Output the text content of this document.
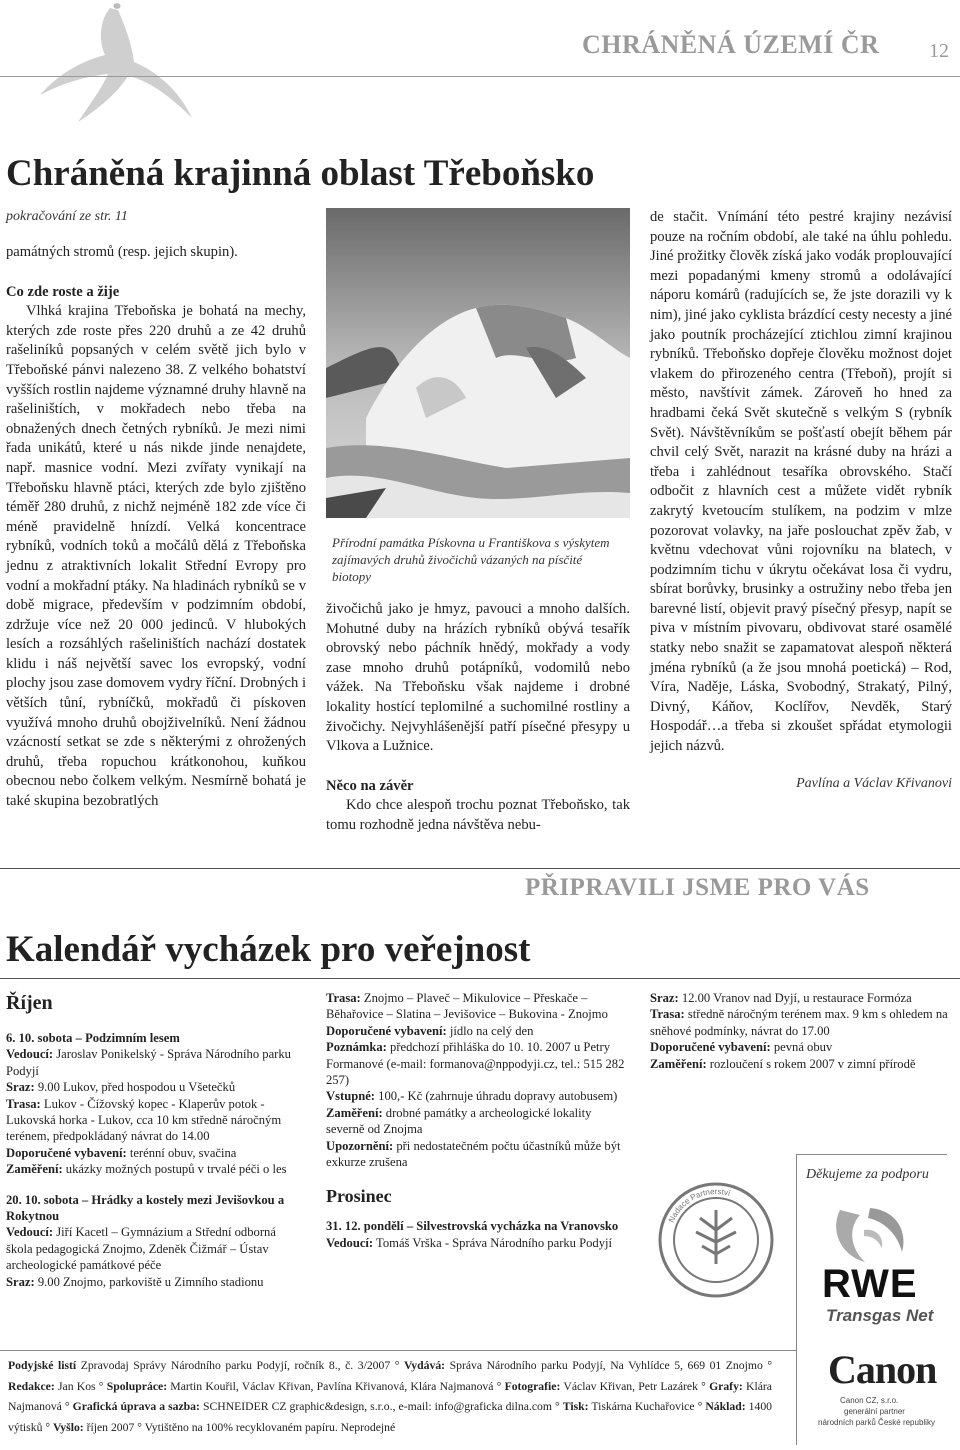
CHRÁNĚNÁ ÚZEMÍ ČR 12
Chráněná krajinná oblast Třeboňsko

pokračování ze str. 11

památných stromů (resp. jejich skupin).

Co zde roste a žije

Vlhká krajina Třeboňska je bohatá na mechy, kterých zde roste přes 220 druhů a ze 42 druhů rašeliníků popsaných v celém světě jich bylo v Třeboňské pánvi nalezeno 38. Z velkého bohatství vyšších rostlin najdeme významné druhy hlavně na rašeliništích, v mokřadech nebo třeba na obnažených dnech četných rybníků. Je mezi nimi řada unikátů, které u nás nikde jinde nenajdete, např. masnice vodní. Mezi zvířaty vynikají na Třeboňsku hlavně ptáci, kterých zde bylo zjištěno téměř 280 druhů, z nichž nejméně 182 zde více či méně pravidelně hnízdí. Velká koncentrace rybníků, vodních toků a močálů dělá z Třeboňska jednu z atraktivních lokalit Střední Evropy pro vodní a mokřadní ptáky. Na hladinách rybníků se v době migrace, především v podzimním období, zdržuje více než 20 000 jedinců. V hlubokých lesích a rozsáhlých rašeliništích nachází dostatek klidu i náš největší savec los evropský, vodní plochy jsou zase domovem vydry říční. Drobných i větších tůní, rybníčků, mokřadů či pískoven využívá mnoho druhů obojživelníků. Není žádnou vzácností setkat se zde s některými z ohrožených druhů, třeba ropuchou krátkonohou, kuňkou obecnou nebo čolkem velkým. Nesmírně bohatá je také skupina bezobratlých

Přírodní památka Pískovna u Františkova s výskytem zajímavých druhů živočichů vázaných na písčité biotopy

živočichů jako je hmyz, pavouci a mnoho dalších. Mohutné duby na hrázích rybníků obývá tesařík obrovský nebo páchník hnědý, mokřady a vody zase mnoho druhů potápníků, vodomilů nebo vážek. Na Třeboňsku však najdeme i drobné lokality hostící teplomilné a suchomilné rostliny a živočichy. Nejvyhlášenější patří písečné přesypy u Vlkova a Lužnice.

Něco na závěr

Kdo chce alespoň trochu poznat Třeboňsko, tak tomu rozhodně jedna návštěva nebu-

de stačit. Vnímání této pestré krajiny nezávisí pouze na ročním období, ale také na úhlu pohledu. Jiné prožitky člověk získá jako vodák proplouvající mezi popadanými kmeny stromů a odolávající náporu komárů (radujících se, že jste dorazili vy k nim), jiné jako cyklista brázdící cesty necesty a jiné jako poutník procházející ztichlou zimní krajinou rybníků. Třeboňsko dopřeje člověku možnost dojet vlakem do přirozeného centra (Třeboň), projít si město, navštívit zámek. Zároveň ho hned za hradbami čeká Svět skutečně s velkým S (rybník Svět). Návštěvníkům se pošťastí obejít během pár chvil celý Svět, narazit na krásné duby na hrázi a třeba i zahlédnout tesaříka obrovského. Stačí odbočit z hlavních cest a můžete vidět rybník zakrytý kvetoucím stulíkem, na podzim v mlze pozorovat volavky, na jaře poslouchat zpěv žab, v květnu vdechovat vůni rojovníku na blatech, v podzimním tichu v úkrytu očekávat losa či vydru, sbírat borůvky, brusinky a ostružiny nebo třeba jen barevné listí, objevit pravý písečný přesyp, napít se piva v místním pivovaru, obdivovat staré osamělé statky nebo snažit se zapamatovat alespoň některá jména rybníků (a že jsou mnohá poetická) – Rod, Víra, Naděje, Láska, Svobodný, Strakatý, Pilný, Divný, Káňov, Koclířov, Nevděk, Starý Hospodář…a třeba si zkoušet spřádat etymologii jejich názvů.

Pavlína a Václav Křivanovi

PŘIPRAVILI JSME PRO VÁS
Kalendář vycházek pro veřejnost

Říjen

6. 10. sobota – Podzimním lesem

Vedoucí: Jaroslav Ponikelský - Správa Národního parku Podyjí

Sraz: 9.00 Lukov, před hospodou u Všetečků

Trasa: Lukov - Čížovský kopec - Klaperův potok - Lukovská horka - Lukov, cca 10 km středně náročným terénem, předpokládaný návrat do 14.00

Doporučené vybavení: terénní obuv, svačina

Zaměření: ukázky možných postupů v trvalé péči o les

20. 10. sobota – Hrádky a kostely mezi Jevišovkou a Rokytnou

Vedoucí: Jiří Kacetl – Gymnázium a Střední odborná škola pedagogická Znojmo, Zdeněk Čižmář – Ústav archeologické památkové péče

Sraz: 9.00 Znojmo, parkoviště u Zimního stadionu

Trasa: Znojmo – Plaveč – Mikulovice – Přeskače – Běhařovice – Slatina – Jevišovice – Bukovina - Znojmo

Doporučené vybavení: jídlo na celý den

Poznámka: předchozí přihláška do 10. 10. 2007 u Petry Formanové (e-mail: formanova@nppodyji.cz, tel.: 515 282 257)

Vstupné: 100,- Kč (zahrnuje úhradu dopravy autobusem)

Zaměření: drobné památky a archeologické lokality severně od Znojma

Upozornění: při nedostatečném počtu účastníků může být exkurze zrušena

Prosinec

31. 12. pondělí – Silvestrovská vycházka na Vranovsko

Vedoucí: Tomáš Vrška - Správa Národního parku Podyjí

Sraz: 12.00 Vranov nad Dyjí, u restaurace Formóza

Trasa: středně náročným terénem max. 9 km s ohledem na sněhové podmínky, návrat do 17.00

Doporučené vybavení: pevná obuv

Zaměření: rozloučení s rokem 2007 v zimní přírodě

Děkujeme za podporu
Nadace Partnerství
RWE
Transgas Net
Canon
Canon CZ, s.r.o.
generální partner
národních parků České republiky
Podyjské listí Zpravodaj Správy Národního parku Podyjí, ročník 8., č. 3/2007 ° Vydává: Správa Národního parku Podyjí, Na Vyhlídce 5, 669 01 Znojmo ° Redakce: Jan Kos ° Spolupráce: Martin Kouřil, Václav Křivan, Pavlína Křivanová, Klára Najmanová ° Fotografie: Václav Křivan, Petr Lazárek ° Grafy: Klára Najmanová ° Grafická úprava a sazba: SCHNEIDER CZ graphic&design, s.r.o., e-mail: info@graficka dilna.com ° Tisk: Tiskárna Kuchařovice ° Náklad: 1400 výtisků ° Vyšlo: říjen 2007 ° Vytištěno na 100% recyklovaném papíru. Neprodejné
